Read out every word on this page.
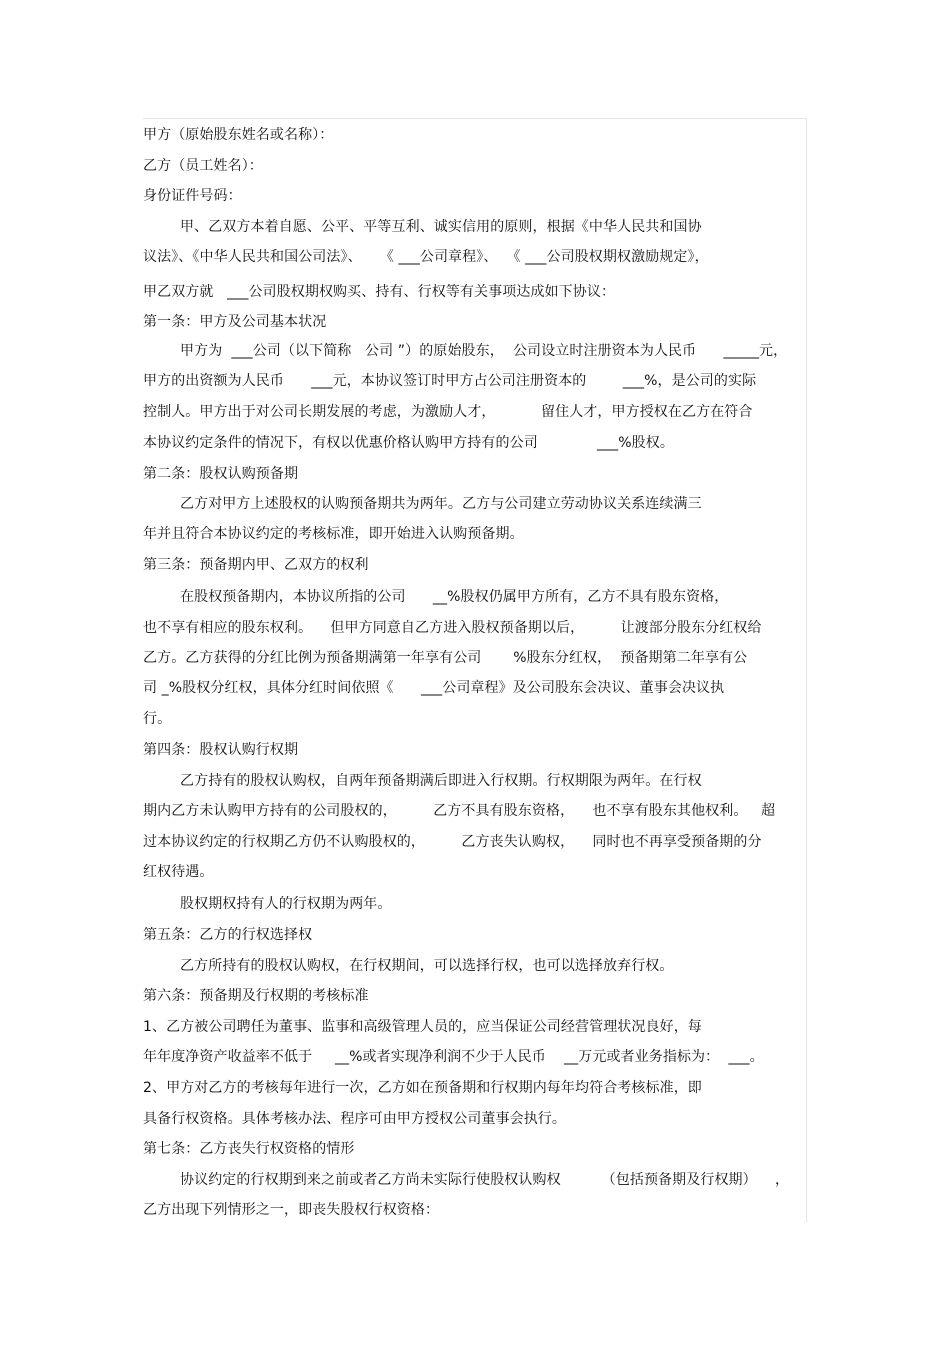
甲方（原始股东姓名或名称）：
乙方（员工姓名）：
身份证件号码：
甲、乙双方本着自愿、公平、平等互利、诚实信用的原则，根据《中华人民共和国协
议法》、《中华人民共和国公司法》、    《 ___公司章程》、  《 ___公司股权期权激励规定》，
甲乙双方就   ___公司股权期权购买、持有、行权等有关事项达成如下协议：
第一条：甲方及公司基本状况
甲方为  ___公司（以下简称   公司 ”）的原始股东，  公司设立时注册资本为人民币      _____元，
甲方的出资额为人民币      ___元，本协议签订时甲方占公司注册资本的        ___%，是公司的实际
控制人。甲方出于对公司长期发展的考虑，为激励人才，          留住人才，甲方授权在乙方在符合
本协议约定条件的情况下，有权以优惠价格认购甲方持有的公司             ___%股权。
第二条：股权认购预备期
乙方对甲方上述股权的认购预备期共为两年。乙方与公司建立劳动协议关系连续满三
年并且符合本协议约定的考核标准，即开始进入认购预备期。
第三条：预备期内甲、乙双方的权利
在股权预备期内，本协议所指的公司      __%股权仍属甲方所有，乙方不具有股东资格，
也不享有相应的股东权利。    但甲方同意自乙方进入股权预备期以后，        让渡部分股东分红权给
乙方。乙方获得的分红比例为预备期满第一年享有公司       %股东分红权，  预备期第二年享有公
司 _%股权分红权，具体分红时间依照《      ___公司章程》及公司股东会决议、董事会决议执
行。
第四条：股权认购行权期
乙方持有的股权认购权，自两年预备期满后即进入行权期。行权期限为两年。在行权
期内乙方未认购甲方持有的公司股权的，        乙方不具有股东资格，    也不享有股东其他权利。   超
过本协议约定的行权期乙方仍不认购股权的，        乙方丧失认购权，    同时也不再享受预备期的分
红权待遇。
股权期权持有人的行权期为两年。
第五条：乙方的行权选择权
乙方所持有的股权认购权，在行权期间，可以选择行权，也可以选择放弃行权。
第六条：预备期及行权期的考核标准
1、乙方被公司聘任为董事、监事和高级管理人员的，应当保证公司经营管理状况良好，每
年年度净资产收益率不低于     __%或者实现净利润不少于人民币    __万元或者业务指标为：  ___。
2、甲方对乙方的考核每年进行一次，乙方如在预备期和行权期内每年均符合考核标准，即
具备行权资格。具体考核办法、程序可由甲方授权公司董事会执行。
第七条：乙方丧失行权资格的情形
协议约定的行权期到来之前或者乙方尚未实际行使股权认购权         （包括预备期及行权期）    ，
乙方出现下列情形之一，即丧失股权行权资格：
